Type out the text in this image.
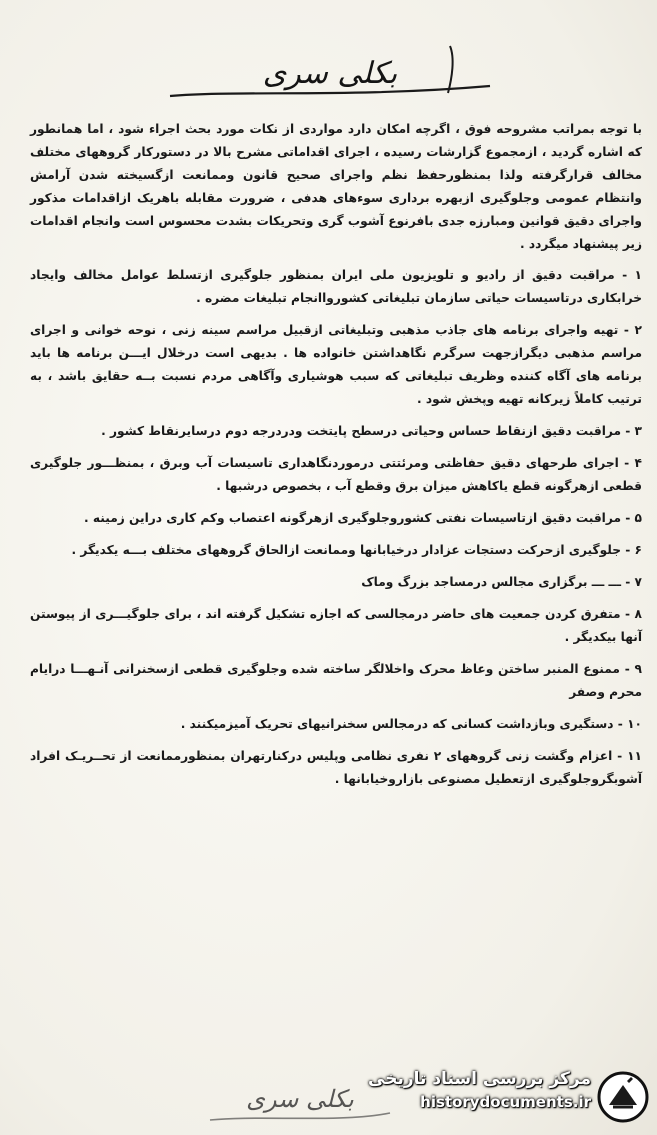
بکلی سری

با توجه بمراتب مشروحه فوق ، اگرچه امکان دارد مواردی از نکات مورد بحث اجراء شود ، اما همانطور که اشاره گردید ، ازمجموع گزارشات رسیده ، اجرای اقداماتی مشرح بالا در دستورکار گروههای مختلف مخالف قرارگرفته ولذا بمنظورحفظ نظم واجرای صحیح قانون وممانعت ازگسیخته شدن آرامش وانتظام عمومی وجلوگیری ازبهره برداری سوءهای هدفی ، ضرورت مقابله باهریک ازاقدامات مذکور واجرای دقیق قوانین ومبارزه جدی بافرنوع آشوب گری وتحریکات بشدت محسوس است وانجام اقدامات زیر پیشنهاد میگردد .

۱ - مراقبت دقیق از رادیو و تلویزیون ملی ایران بمنظور جلوگیری ازتسلط عوامل مخالف وایجاد خرابکاری درتاسیسات حیاتی سازمان تبلیغاتی کشورواانجام تبلیغات مضره .

۲ - تهیه واجرای برنامه های جاذب مذهبی وتبلیغاتی ازقبیل مراسم سینه زنی ، نوحه خوانی و اجرای مراسم مذهبی دیگرازجهت سرگرم نگاهداشتن خانواده ها . بدیهی است درخلال ایـــن برنامه ها باید برنامه های آگاه کننده وظریف تبلیغاتی که سبب هوشیاری وآگاهی مردم نسبت بــه حقایق باشد ، به ترتیب کاملاً زیرکانه تهیه وپخش شود .

۳ - مراقبت دقیق ازنقاط حساس وحیاتی درسطح پایتخت ودردرجه دوم درسایرنقاط کشور .

۴ - اجرای طرحهای دقیق حفاظتی ومرئتتی درموردنگاهداری تاسیسات آب وبرق ، بمنظـــور جلوگیری قطعی ازهرگونه قطع یاکاهش میزان برق وقطع آب ، بخصوص درشبها .

۵ - مراقبت دقیق ازتاسیسات نفتی کشوروجلوگیری ازهرگونه اعتصاب وکم کاری دراین زمینه .

۶ - جلوگیری ازحرکت دستجات عزادار درخیابانها وممانعت ازالحاق گروههای مختلف بـــه یکدیگر .

۷ - ـــ ـــ برگزاری مجالس درمساجد بزرگ وماک

۸ - متفرق کردن جمعیت های حاضر درمجالسی که اجازه تشکیل گرفته اند ، برای جلوگیـــری از پیوستن آنها بیکدیگر .

۹ - ممنوع المنبر ساختن وعاظ محرک واخلالگر ساخته شده وجلوگیری قطعی ازسخنرانی آنـهـــا درایام محرم وصفر

۱۰ - دستگیری وبازداشت کسانی که درمجالس سخنرانیهای تحریک آمیزمیکنند .

۱۱ - اعزام وگشت زنی گروههای ۲ نفری نظامی وپلیس درکنارتهران بمنظورممانعت از تحــریـک افراد آشوبگروجلوگیری ازتعطیل مصنوعی بازاروخیابانها .

بکلی سری
مرکز بررسی اسناد تاریخی
historydocuments.ir
